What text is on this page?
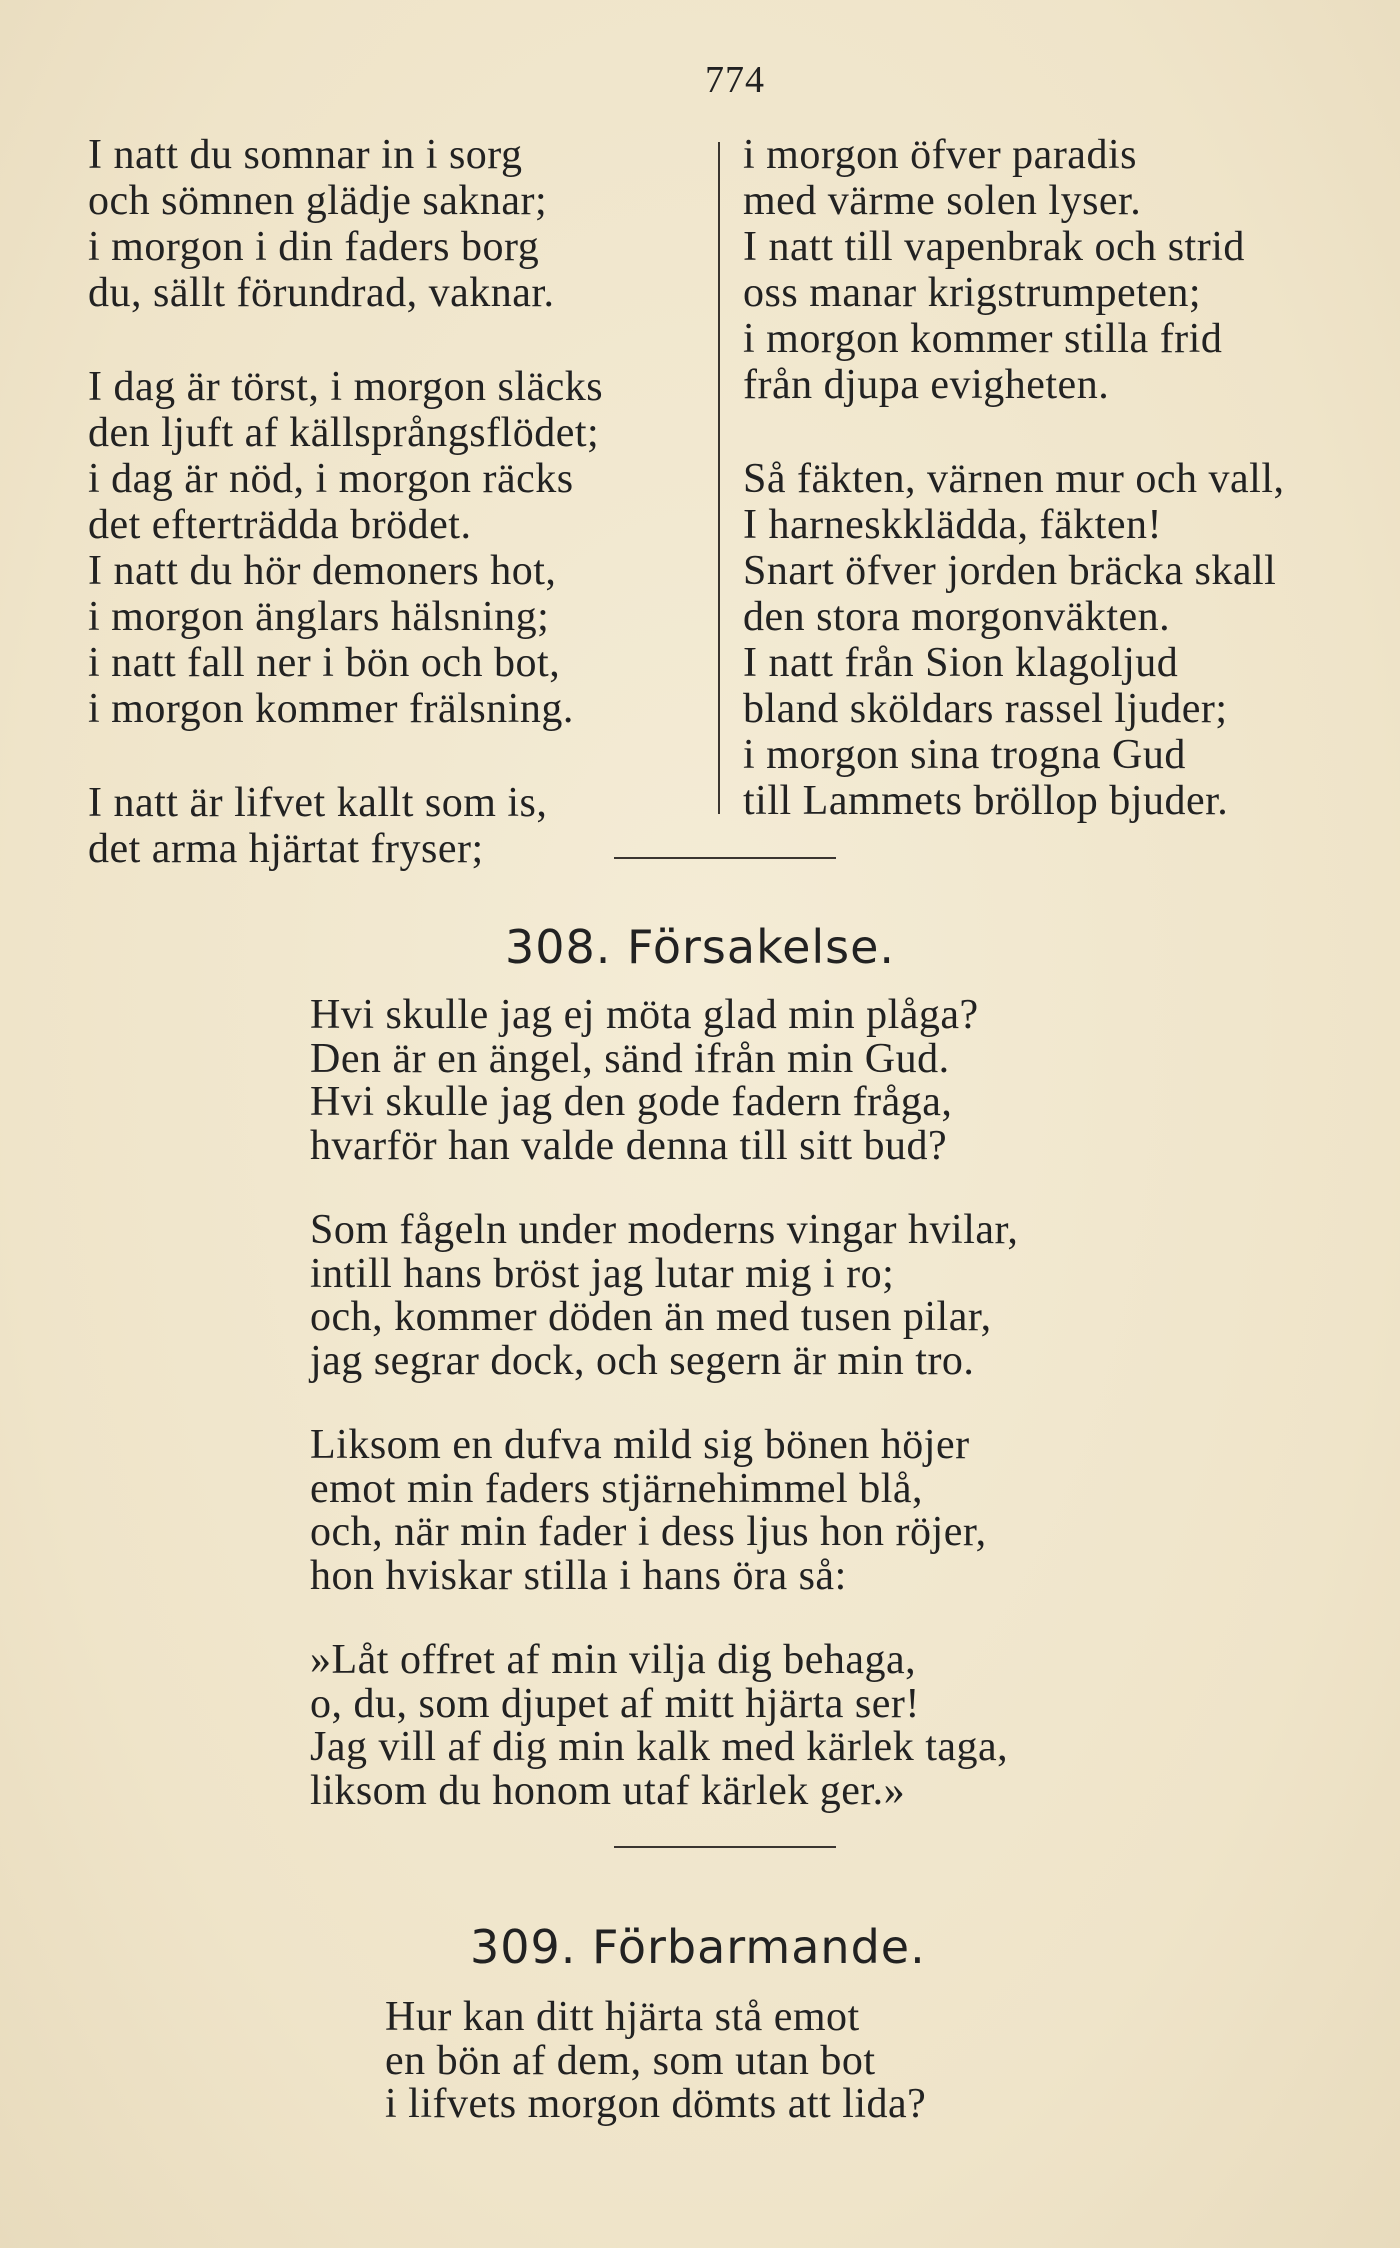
774
I natt du somnar in i sorg
och sömnen glädje saknar;
i morgon i din faders borg
du, sällt förundrad, vaknar.
I dag är törst, i morgon släcks
den ljuft af källsprångsflödet;
i dag är nöd, i morgon räcks
det efterträdda brödet.
I natt du hör demoners hot,
i morgon änglars hälsning;
i natt fall ner i bön och bot,
i morgon kommer frälsning.
I natt är lifvet kallt som is,
det arma hjärtat fryser;
i morgon öfver paradis
med värme solen lyser.
I natt till vapenbrak och strid
oss manar krigstrumpeten;
i morgon kommer stilla frid
från djupa evigheten.
Så fäkten, värnen mur och vall,
I harneskklädda, fäkten!
Snart öfver jorden bräcka skall
den stora morgonväkten.
I natt från Sion klagoljud
bland sköldars rassel ljuder;
i morgon sina trogna Gud
till Lammets bröllop bjuder.
308. Försakelse.
Hvi skulle jag ej möta glad min plåga?
Den är en ängel, sänd ifrån min Gud.
Hvi skulle jag den gode fadern fråga,
hvarför han valde denna till sitt bud?
Som fågeln under moderns vingar hvilar,
intill hans bröst jag lutar mig i ro;
och, kommer döden än med tusen pilar,
jag segrar dock, och segern är min tro.
Liksom en dufva mild sig bönen höjer
emot min faders stjärnehimmel blå,
och, när min fader i dess ljus hon röjer,
hon hviskar stilla i hans öra så:
»Låt offret af min vilja dig behaga,
o, du, som djupet af mitt hjärta ser!
Jag vill af dig min kalk med kärlek taga,
liksom du honom utaf kärlek ger.»
309. Förbarmande.
Hur kan ditt hjärta stå emot
en bön af dem, som utan bot
i lifvets morgon dömts att lida?
